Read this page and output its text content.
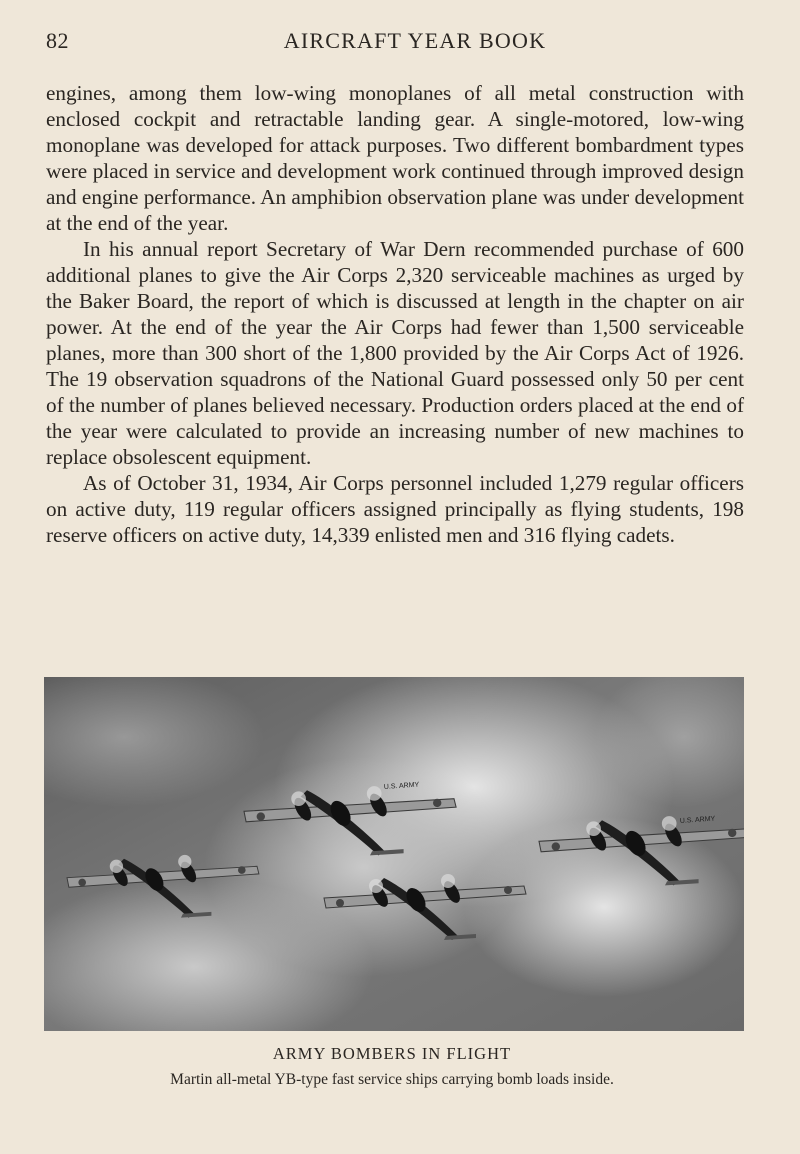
82	AIRCRAFT YEAR BOOK

engines, among them low-wing monoplanes of all metal construction with enclosed cockpit and retractable landing gear. A single-motored, low-wing monoplane was developed for attack purposes. Two different bombardment types were placed in service and development work continued through improved design and engine performance. An amphibion observation plane was under development at the end of the year.

In his annual report Secretary of War Dern recommended purchase of 600 additional planes to give the Air Corps 2,320 serviceable machines as urged by the Baker Board, the report of which is discussed at length in the chapter on air power. At the end of the year the Air Corps had fewer than 1,500 serviceable planes, more than 300 short of the 1,800 provided by the Air Corps Act of 1926. The 19 observation squadrons of the National Guard possessed only 50 per cent of the number of planes believed necessary. Production orders placed at the end of the year were calculated to provide an increasing number of new machines to replace obsolescent equipment.

As of October 31, 1934, Air Corps personnel included 1,279 regular officers on active duty, 119 regular officers assigned principally as flying students, 198 reserve officers on active duty, 14,339 enlisted men and 316 flying cadets.

U.S. ARMY
U.S. ARMY
ARMY BOMBERS IN FLIGHT
Martin all-metal YB-type fast service ships carrying bomb loads inside.
